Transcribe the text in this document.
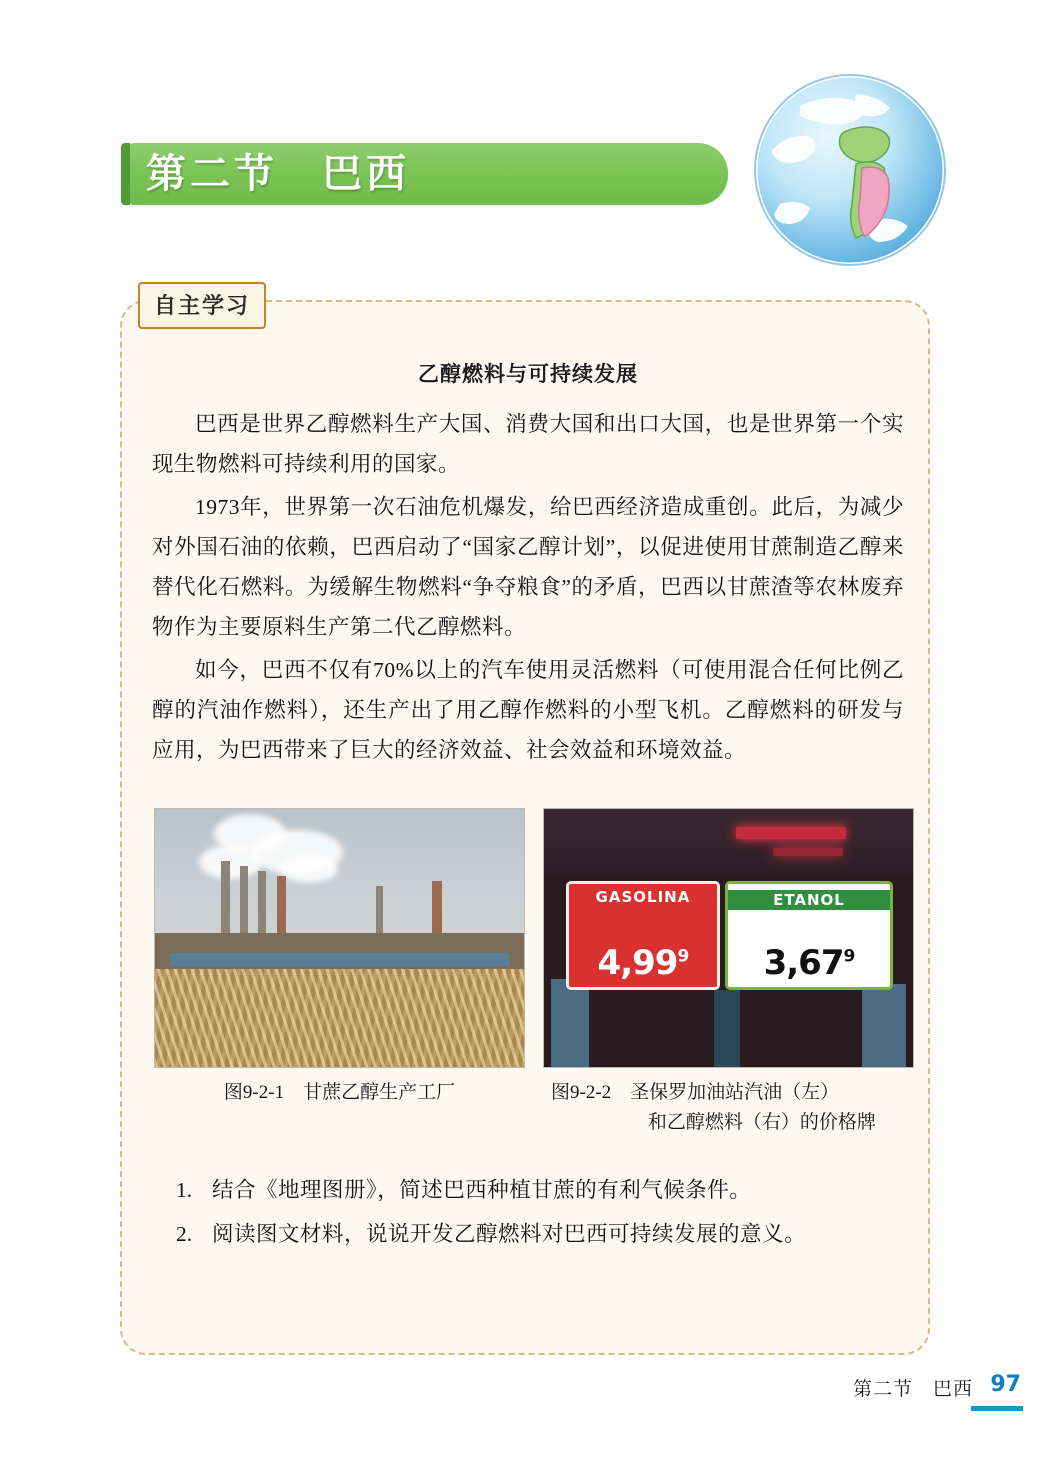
第二节　巴西
自主学习
乙醇燃料与可持续发展

巴西是世界乙醇燃料生产大国、消费大国和出口大国，也是世界第一个实现生物燃料可持续利用的国家。

1973年，世界第一次石油危机爆发，给巴西经济造成重创。此后，为减少对外国石油的依赖，巴西启动了“国家乙醇计划”，以促进使用甘蔗制造乙醇来替代化石燃料。为缓解生物燃料“争夺粮食”的矛盾，巴西以甘蔗渣等农林废弃物作为主要原料生产第二代乙醇燃料。

如今，巴西不仅有70%以上的汽车使用灵活燃料（可使用混合任何比例乙醇的汽油作燃料），还生产出了用乙醇作燃料的小型飞机。乙醇燃料的研发与应用，为巴西带来了巨大的经济效益、社会效益和环境效益。

图9-2-1　甘蔗乙醇生产工厂
GASOLINA
4,99$^9$
ETANOL
3,67$^9$
图9-2-2　圣保罗加油站汽油（左）
和乙醇燃料（右）的价格牌
1. 结合《地理图册》，简述巴西种植甘蔗的有利气候条件。
2. 阅读图文材料，说说开发乙醇燃料对巴西可持续发展的意义。
第二节　巴西 97
